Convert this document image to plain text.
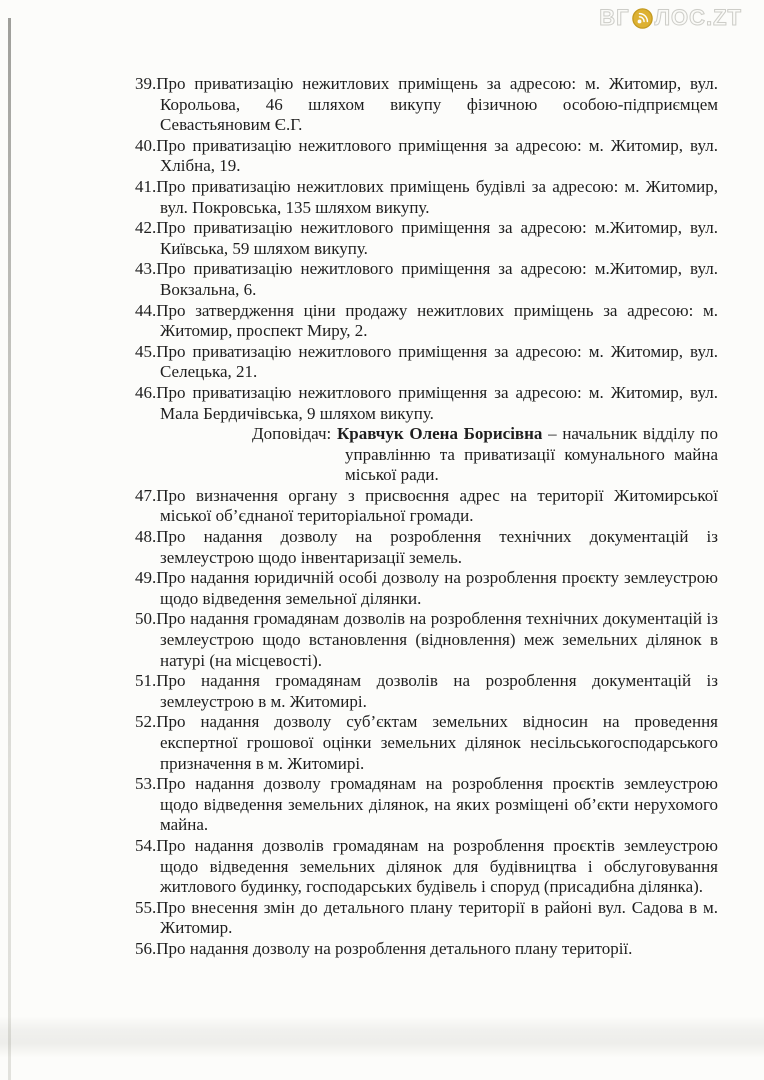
ВГ ЛОС.ZT

39.Про приватизацію нежитлових приміщень за адресою: м. Житомир, вул. Корольова, 46 шляхом викупу фізичною особою-підприємцем Севастьяновим Є.Г.

40.Про приватизацію нежитлового приміщення за адресою: м. Житомир, вул. Хлібна, 19.

41.Про приватизацію нежитлових приміщень будівлі за адресою: м. Житомир, вул. Покровська, 135 шляхом викупу.

42.Про приватизацію нежитлового приміщення за адресою: м.Житомир, вул. Київська, 59 шляхом викупу.

43.Про приватизацію нежитлового приміщення за адресою: м.Житомир, вул. Вокзальна, 6.

44.Про затвердження ціни продажу нежитлових приміщень за адресою: м. Житомир, проспект Миру, 2.

45.Про приватизацію нежитлового приміщення за адресою: м. Житомир, вул. Селецька, 21.

46.Про приватизацію нежитлового приміщення за адресою: м. Житомир, вул. Мала Бердичівська, 9 шляхом викупу.

Доповідач: Кравчук Олена Борисівна – начальник відділу по управлінню та приватизації комунального майна міської ради.

47.Про визначення органу з присвоєння адрес на території Житомирської міської об’єднаної територіальної громади.

48.Про надання дозволу на розроблення технічних документацій із землеустрою щодо інвентаризації земель.

49.Про надання юридичній особі дозволу на розроблення проєкту землеустрою щодо відведення земельної ділянки.

50.Про надання громадянам дозволів на розроблення технічних документацій із землеустрою щодо встановлення (відновлення) меж земельних ділянок в натурі (на місцевості).

51.Про надання громадянам дозволів на розроблення документацій із землеустрою в м. Житомирі.

52.Про надання дозволу суб’єктам земельних відносин на проведення експертної грошової оцінки земельних ділянок несільськогосподарського призначення в м. Житомирі.

53.Про надання дозволу громадянам на розроблення проєктів землеустрою щодо відведення земельних ділянок, на яких розміщені об’єкти нерухомого майна.

54.Про надання дозволів громадянам на розроблення проєктів землеустрою щодо відведення земельних ділянок для будівництва і обслуговування житлового будинку, господарських будівель і споруд (присадибна ділянка).

55.Про внесення змін до детального плану території в районі вул. Садова в м. Житомир.

56.Про надання дозволу на розроблення детального плану території.
